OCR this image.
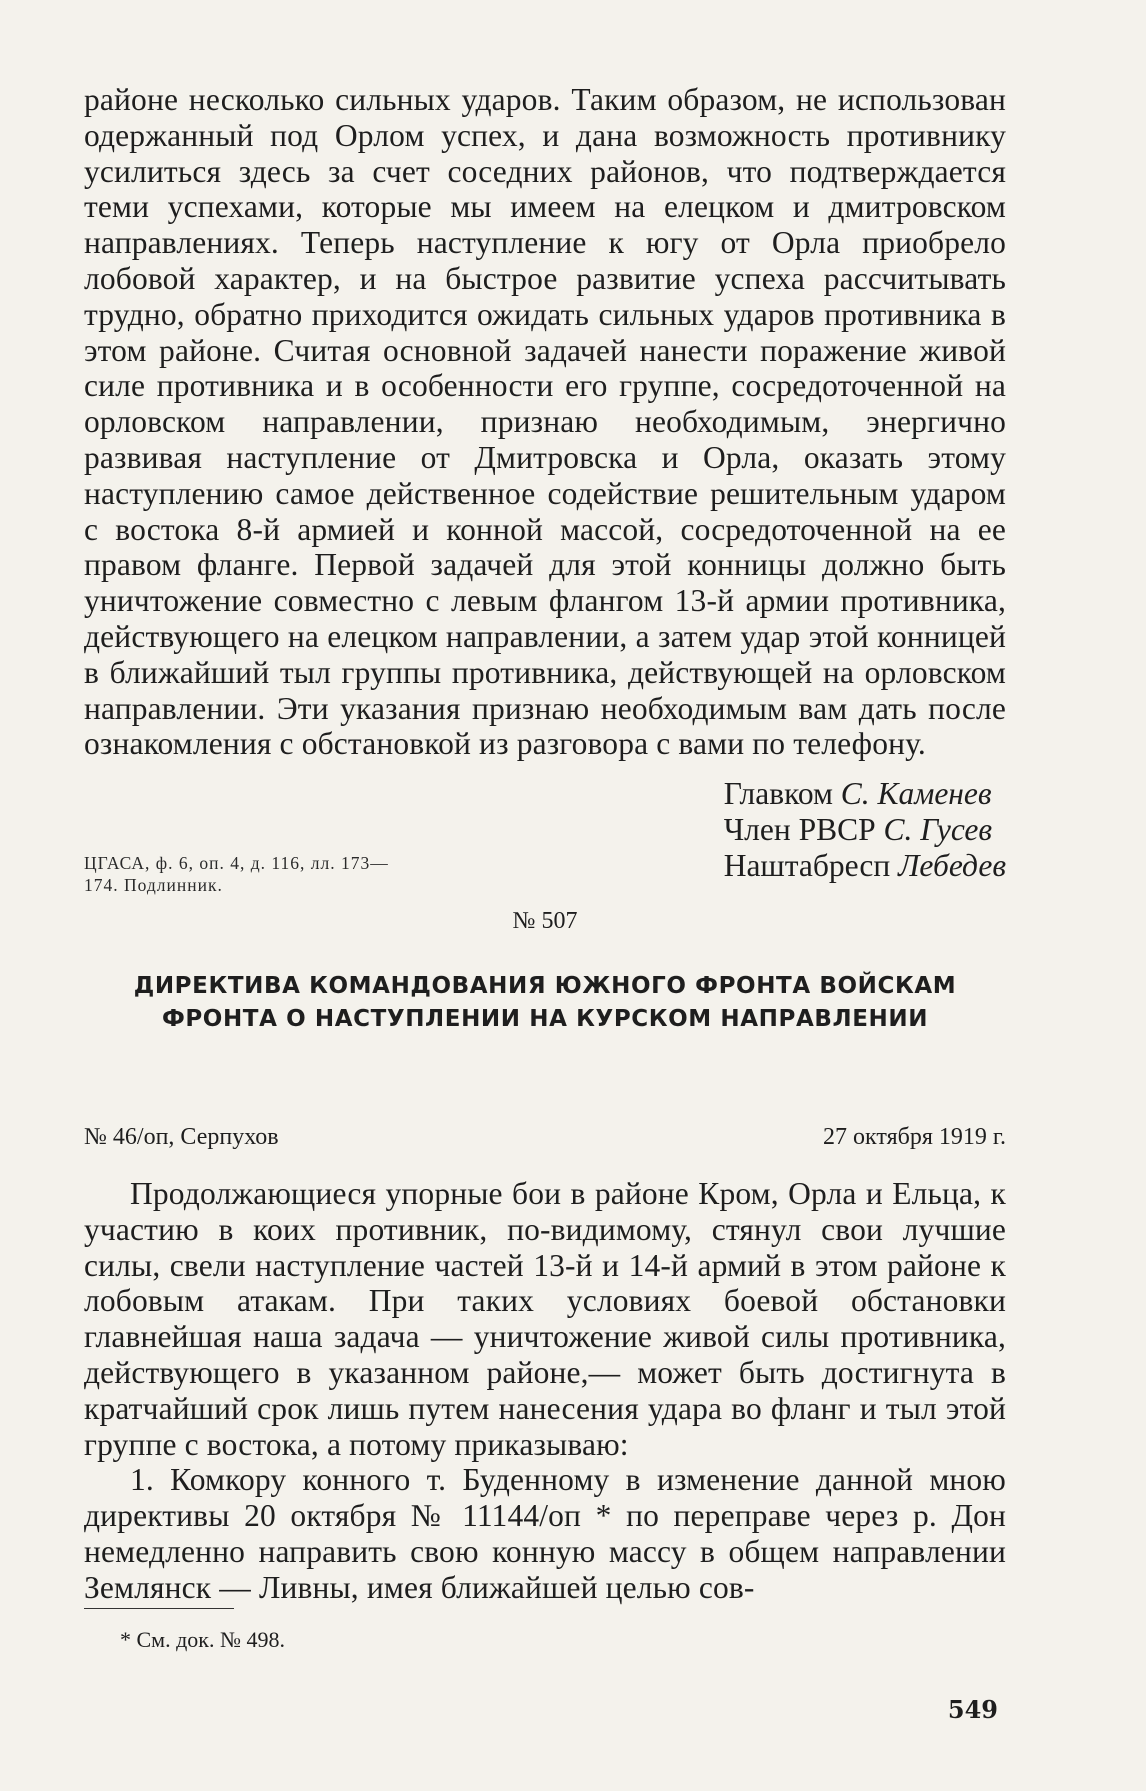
районе несколько сильных ударов. Таким образом, не использован одержанный под Орлом успех, и дана возможность противнику усилиться здесь за счет соседних районов, что подтверждается теми успехами, которые мы имеем на елецком и дмитровском направлениях. Теперь наступление к югу от Орла приобрело лобовой характер, и на быстрое развитие успеха рассчитывать трудно, обратно приходится ожидать сильных ударов противника в этом районе. Считая основной задачей нанести поражение живой силе противника и в особенности его группе, сосредоточенной на орловском направлении, признаю необходимым, энергично развивая наступление от Дмитровска и Орла, оказать этому наступлению самое действенное содействие решительным ударом с востока 8-й армией и конной массой, сосредоточенной на ее правом фланге. Первой задачей для этой конницы должно быть уничтожение совместно с левым флангом 13-й армии противника, действующего на елецком направлении, а затем удар этой конницей в ближайший тыл группы противника, действующей на орловском направлении. Эти указания признаю необходимым вам дать после ознакомления с обстановкой из разговора с вами по телефону.

Главком С. Каменев
Член РВСР С. Гусев
Наштабресп Лебедев
ЦГАСА, ф. 6, оп. 4, д. 116, лл. 173—
174. Подлинник.
№ 507
ДИРЕКТИВА КОМАНДОВАНИЯ ЮЖНОГО ФРОНТА ВОЙСКАМ
ФРОНТА О НАСТУПЛЕНИИ НА КУРСКОМ НАПРАВЛЕНИИ
№ 46/оп, Серпухов	27 октября 1919 г.

Продолжающиеся упорные бои в районе Кром, Орла и Ельца, к участию в коих противник, по-видимому, стянул свои лучшие силы, свели наступление частей 13-й и 14-й армий в этом районе к лобовым атакам. При таких условиях боевой обстановки главнейшая наша задача — уничтожение живой силы противника, действующего в указанном районе,— может быть достигнута в кратчайший срок лишь путем нанесения удара во фланг и тыл этой группе с востока, а потому приказываю:

1. Комкору конного т. Буденному в изменение данной мною директивы 20 октября № 11144/оп * по переправе через р. Дон немедленно направить свою конную массу в общем направлении Землянск — Ливны, имея ближайшей целью сов-

* См. док. № 498.
549
